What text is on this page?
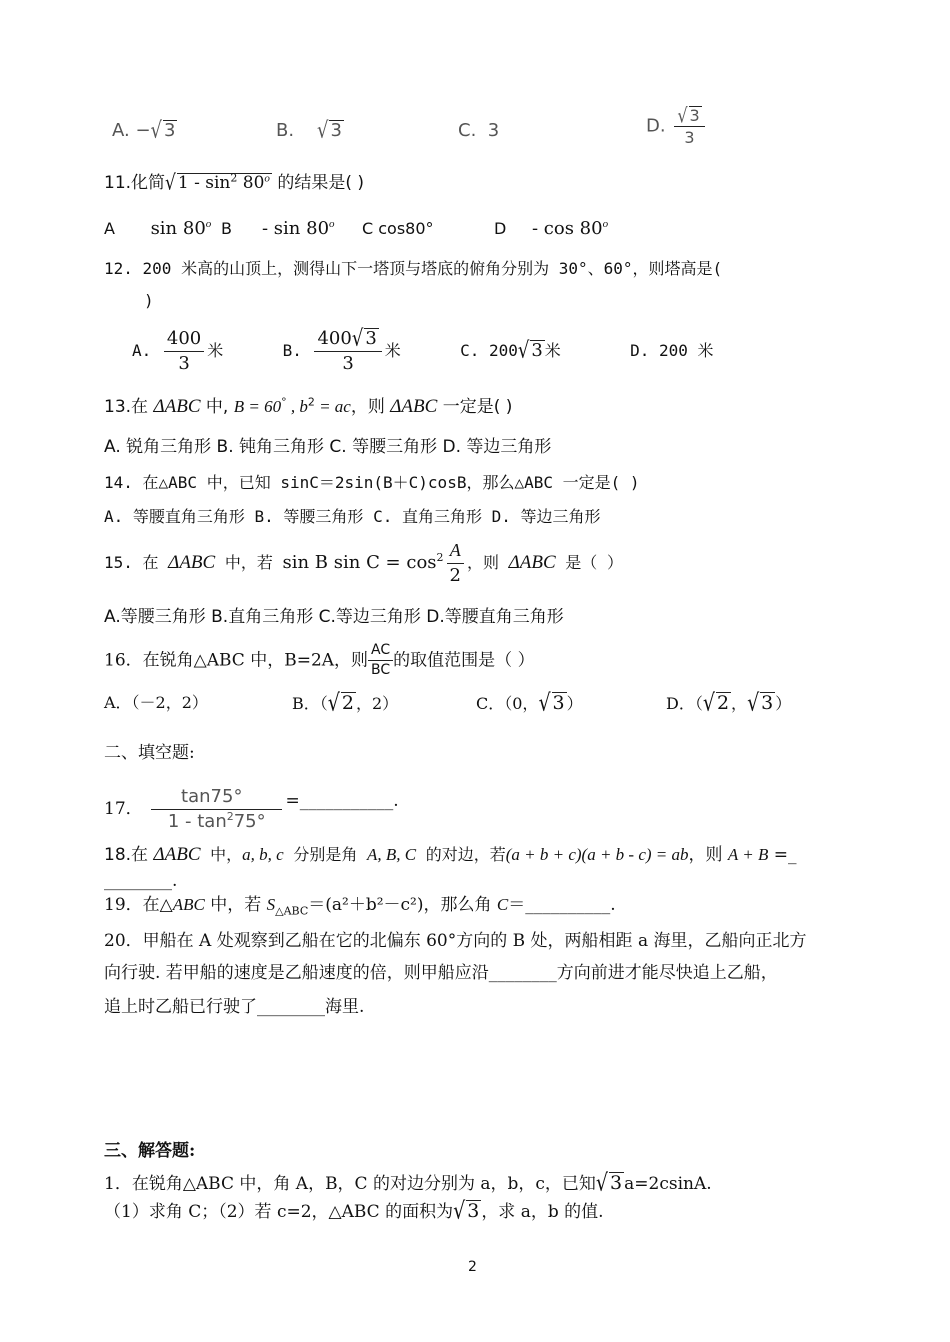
A. −√ 3	B. √ 3	C. 3	D. $\frac{√ 3}{3}$
11.化简√ $1 - \sin^2 80^o$ 的结果是( )
A sin 80$^o$ B - sin 80$^o$ C cos80°	D - cos 80$^o$
12. 200 米高的山顶上，测得山下一塔顶与塔底的俯角分别为 30°、60°，则塔高是(
)
A. $\frac{400}{3}$ 米	B. $\frac{400√ 3}{3}$ 米	C. 200√ 3 米	D. 200 米
13.在 ΔABC 中, B = 60° , $b^2$ = ac，则 ΔABC 一定是( )
A. 锐角三角形 B. 钝角三角形 C. 等腰三角形 D. 等边三角形
14. 在△ABC 中，已知 sinC＝2sin(B＋C)cosB，那么△ABC 一定是( )
A. 等腰直角三角形 B. 等腰三角形 C. 直角三角形 D. 等边三角形
15. 在 ΔABC 中，若 sin B $\sin C = \cos^2 \frac{A}{2}$ ，则 ΔABC 是（ ）
A.等腰三角形 B.直角三角形 C.等边三角形 D.等腰直角三角形
16．在锐角△ABC 中，B=2A，则 $\frac{AC}{BC}$ 的取值范围是（ ）
A．（－2，2）	B．（√ 2 ，2）	C．（0，√ 3 ）	D．（√ 2 ，√ 3 ）
二、填空题:
17． $\frac{\tan 75^\circ}{1 - \tan^275^\circ}$ =___________.
18.在 ΔABC 中，a, b, c 分别是角 A, B, C 的对边，若(a + b + c)(a + b - c) = ab，则 A + B =_
________.
19．在△ABC 中，若 $S_{\triangle ABC}=(a^2+b^2-c^2)$，那么角 C＝__________.
20．甲船在 A 处观察到乙船在它的北偏东 60°方向的 B 处，两船相距 a 海里，乙船向正北方
向行驶. 若甲船的速度是乙船速度的倍，则甲船应沿________方向前进才能尽快追上乙船，
追上时乙船已行驶了________海里.
三、解答题:
1．在锐角△ABC 中，角 A，B，C 的对边分别为 a，b，c，已知√ 3 a=2csinA.
（1）求角 C；（2）若 c=2，△ABC 的面积为√ 3 ，求 a，b 的值.
2
